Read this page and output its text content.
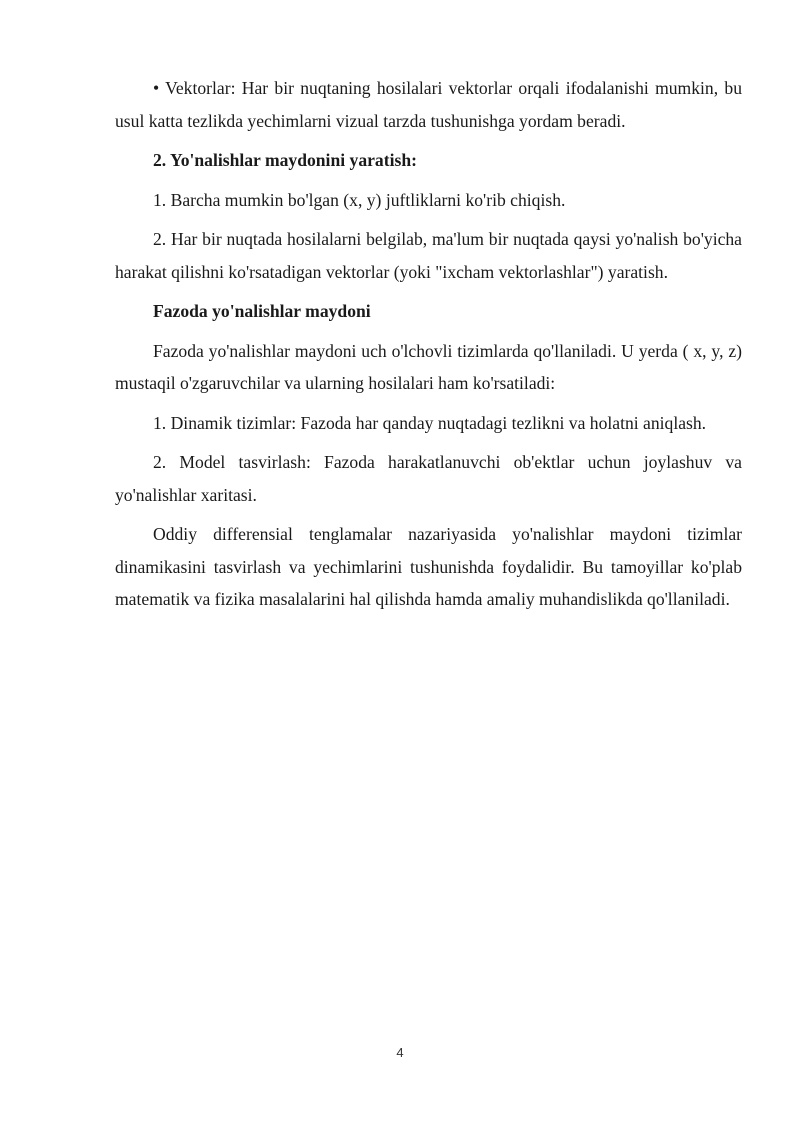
• Vektorlar: Har bir nuqtaning hosilalari vektorlar orqali ifodalanishi mumkin, bu usul katta tezlikda yechimlarni vizual tarzda tushunishga yordam beradi.

2. Yo'nalishlar maydonini yaratish:

1. Barcha mumkin bo'lgan (x, y) juftliklarni ko'rib chiqish.

2. Har bir nuqtada hosilalarni belgilab, ma'lum bir nuqtada qaysi yo'nalish bo'yicha harakat qilishni ko'rsatadigan vektorlar (yoki "ixcham vektorlashlar") yaratish.

Fazoda yo'nalishlar maydoni

Fazoda yo'nalishlar maydoni uch o'lchovli tizimlarda qo'llaniladi. U yerda ( x, y, z) mustaqil o'zgaruvchilar va ularning hosilalari ham ko'rsatiladi:

1. Dinamik tizimlar: Fazoda har qanday nuqtadagi tezlikni va holatni aniqlash.

2. Model tasvirlash: Fazoda harakatlanuvchi ob'ektlar uchun joylashuv va yo'nalishlar xaritasi.

Oddiy differensial tenglamalar nazariyasida yo'nalishlar maydoni tizimlar dinamikasini tasvirlash va yechimlarini tushunishda foydalidir. Bu tamoyillar ko'plab matematik va fizika masalalarini hal qilishda hamda amaliy muhandislikda qo'llaniladi.

4
